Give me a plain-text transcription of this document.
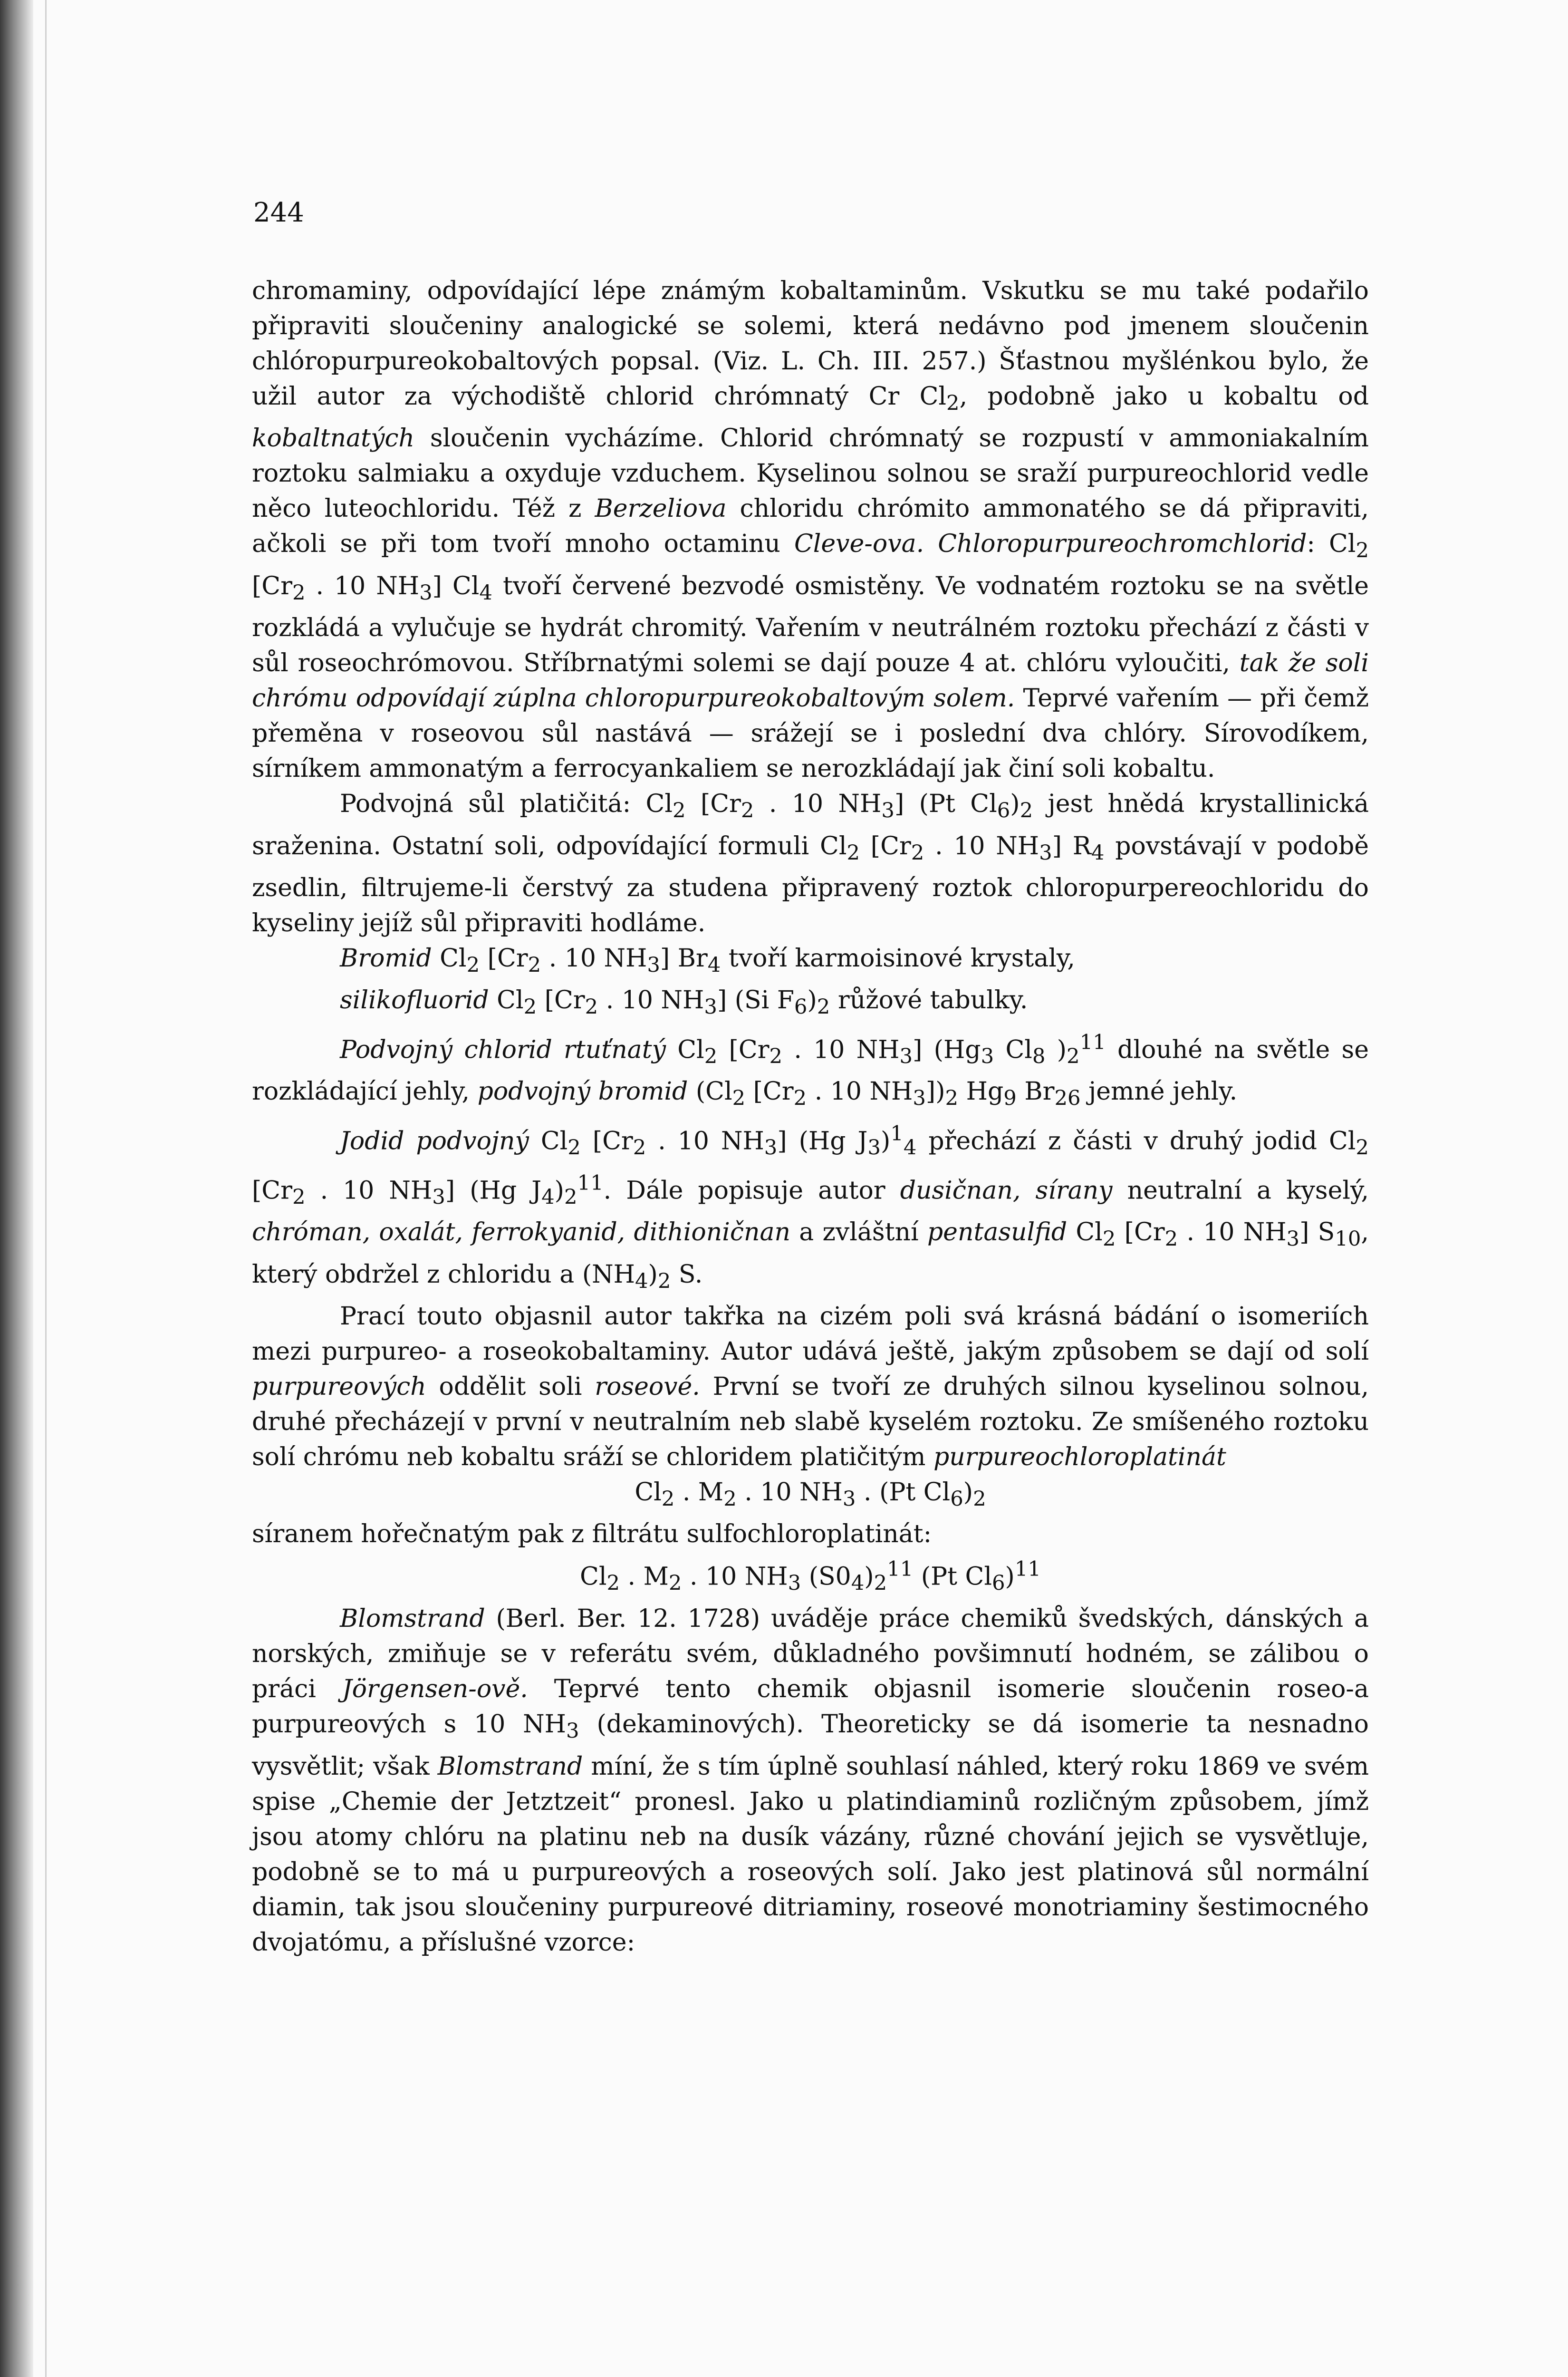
244

chromaminy, odpovídající lépe známým kobaltaminům. Vskutku se mu také podařilo připraviti sloučeniny analogické se solemi, která nedávno pod jmenem sloučenin chlóropurpureokobaltových popsal. (Viz. L. Ch. III. 257.) Šťastnou myšlénkou bylo, že užil autor za východiště chlorid chrómnatý Cr $Cl_2$, podobně jako u kobaltu od kobaltnatých sloučenin vycházíme. Chlorid chrómnatý se rozpustí v ammoniakalním roztoku salmiaku a oxyduje vzduchem. Kyselinou solnou se sraží purpureochlorid vedle něco luteochloridu. Též z Berzeliova chloridu chrómito ammonatého se dá připraviti, ačkoli se při tom tvoří mnoho octaminu Cleve-ova. Chloropurpureochromchlorid: $Cl_2$ [$Cr_2$ . 10 $NH_3$] $Cl_4$ tvoří červené bezvodé osmistěny. Ve vodnatém roztoku se na světle rozkládá a vylučuje se hydrát chromitý. Vařením v neutrálném roztoku přechází z části v sůl roseochrómovou. Stříbrnatými solemi se dají pouze 4 at. chlóru vyloučiti, tak že soli chrómu odpovídají zúplna chloropurpureokobaltovým solem. Teprvé vařením — při čemž přeměna v roseovou sůl nastává — srážejí se i poslední dva chlóry. Sírovodíkem, sírníkem ammonatým a ferrocyankaliem se nerozkládají jak činí soli kobaltu.

Podvojná sůl platičitá: $Cl_2$ [$Cr_2$ . 10 $NH_3$] (Pt $Cl_6)_2$ jest hnědá krystallinická sraženina. Ostatní soli, odpovídající formuli $Cl_2$ [$Cr_2$ . 10 $NH_3$] $R_4$ povstávají v podobě zsedlin, filtrujeme-li čerstvý za studena připravený roztok chloropurpereochloridu do kyseliny jejíž sůl připraviti hodláme.

Bromid $Cl_2$ [$Cr_2$ . 10 $NH_3$] $Br_4$ tvoří karmoisinové krystaly,

silikofluorid $Cl_2$ [$Cr_2$ . 10 $NH_3$] (Si $F_6)_2$ růžové tabulky.

Podvojný chlorid rtuťnatý $Cl_2$ [$Cr_2$ . 10 $NH_3$] ($Hg_3$ $Cl_8$ )$_2^{11}$ dlouhé na světle se rozkládající jehly, podvojný bromid ($Cl_2$ [$Cr_2$ . 10 $NH_3])_2$ $Hg_9$ $Br_{26}$ jemné jehly.

Jodid podvojný $Cl_2$ [$Cr_2$ . 10 $NH_3$] (Hg $J_3)^1_4$ přechází z části v druhý jodid $Cl_2$ [$Cr_2$ . 10 $NH_3$] (Hg $J_4)_2^{11}$. Dále popisuje autor dusičnan, sírany neutralní a kyselý, chróman, oxalát, ferrokyanid, dithioničnan a zvláštní pentasulfid $Cl_2$ [$Cr_2$ . 10 $NH_3$] $S_{10}$, který obdržel z chloridu a $(NH_4)_2$ S.

Prací touto objasnil autor takřka na cizém poli svá krásná bádání o isomeriích mezi purpureo- a roseokobaltaminy. Autor udává ještě, jakým způsobem se dají od solí purpureových oddělit soli roseové. První se tvoří ze druhých silnou kyselinou solnou, druhé přecházejí v první v neutralním neb slabě kyselém roztoku. Ze smíšeného roztoku solí chrómu neb kobaltu sráží se chloridem platičitým purpureochloroplatinát

$Cl_2$ . $M_2$ . 10 $NH_3$ . (Pt $Cl_6)_2$

síranem hořečnatým pak z filtrátu sulfochloroplatinát:

$Cl_2$ . $M_2$ . 10 $NH_3$ $(S0_4)_2^{11}$ (Pt $Cl_6)^{11}$

Blomstrand (Berl. Ber. 12. 1728) uváděje práce chemiků švedských, dánských a norských, zmiňuje se v referátu svém, důkladného povšimnutí hodném, se zálibou o práci Jörgensen-ově. Teprvé tento chemik objasnil isomerie sloučenin roseo-a purpureových s 10 $NH_3$ (dekaminových). Theoreticky se dá isomerie ta nesnadno vysvětlit; však Blomstrand míní, že s tím úplně souhlasí náhled, který roku 1869 ve svém spise „Chemie der Jetztzeit“ pronesl. Jako u platindiaminů rozličným způsobem, jímž jsou atomy chlóru na platinu neb na dusík vázány, různé chování jejich se vysvětluje, podobně se to má u purpureových a roseových solí. Jako jest platinová sůl normální diamin, tak jsou sloučeniny purpureové ditriaminy, roseové monotriaminy šestimocného dvojatómu, a příslušné vzorce:
